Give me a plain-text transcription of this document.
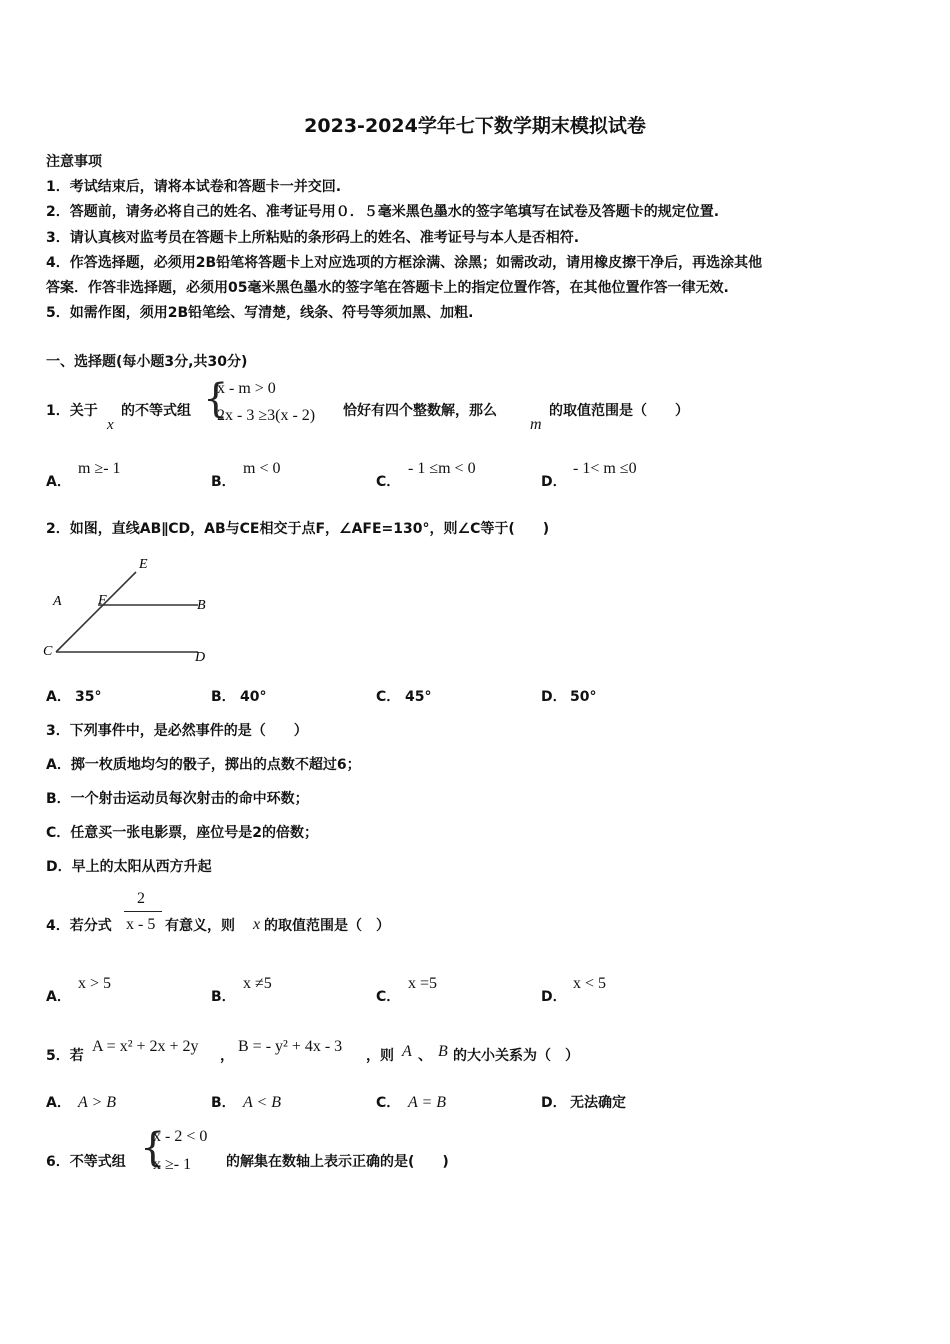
2023-2024学年七下数学期末模拟试卷
注意事项
1．考试结束后，请将本试卷和答题卡一并交回.
2．答题前，请务必将自己的姓名、准考证号用０．５毫米黑色墨水的签字笔填写在试卷及答题卡的规定位置.
3．请认真核对监考员在答题卡上所粘贴的条形码上的姓名、准考证号与本人是否相符.
4．作答选择题，必须用2B铅笔将答题卡上对应选项的方框涂满、涂黑；如需改动，请用橡皮擦干净后，再选涂其他
答案．作答非选择题，必须用05毫米黑色墨水的签字笔在答题卡上的指定位置作答，在其他位置作答一律无效.
5．如需作图，须用2B铅笔绘、写清楚，线条、符号等须加黑、加粗.
一、选择题(每小题3分,共30分)
1．关于
x
的不等式组 {
x - m > 0
2x - 3 ≥3(x - 2) 恰好有四个整数解，那么
m
的取值范围是（　　）
A．
m ≥- 1
B．
m < 0
C．
- 1 ≤m < 0
D．
- 1< m ≤0
2．如图，直线AB∥CD，AB与CE相交于点F，∠AFE=130°，则∠C等于(　　)
A	F	B
C	D
E
A． 35°	B． 40°	C． 45°	D． 50°
3．下列事件中，是必然事件的是（　　）
A．掷一枚质地均匀的骰子，掷出的点数不超过6；
B．一个射击运动员每次射击的命中环数；
C．任意买一张电影票，座位号是2的倍数；
D．早上的太阳从西方升起
4．若分式
2
x - 5 有意义，则 x 的取值范围是（　）
A．
x > 5
B．
x ≠5
C．
x =5
D．
x < 5
5．若
A = x² + 2x + 2y
，
B = - y² + 4x - 3
，则 A 、 B 的大小关系为（　）
A． A > B	B． A < B	C． A = B	D． 无法确定
6．不等式组 {
x - 2 < 0
x ≥- 1 的解集在数轴上表示正确的是(　　)
